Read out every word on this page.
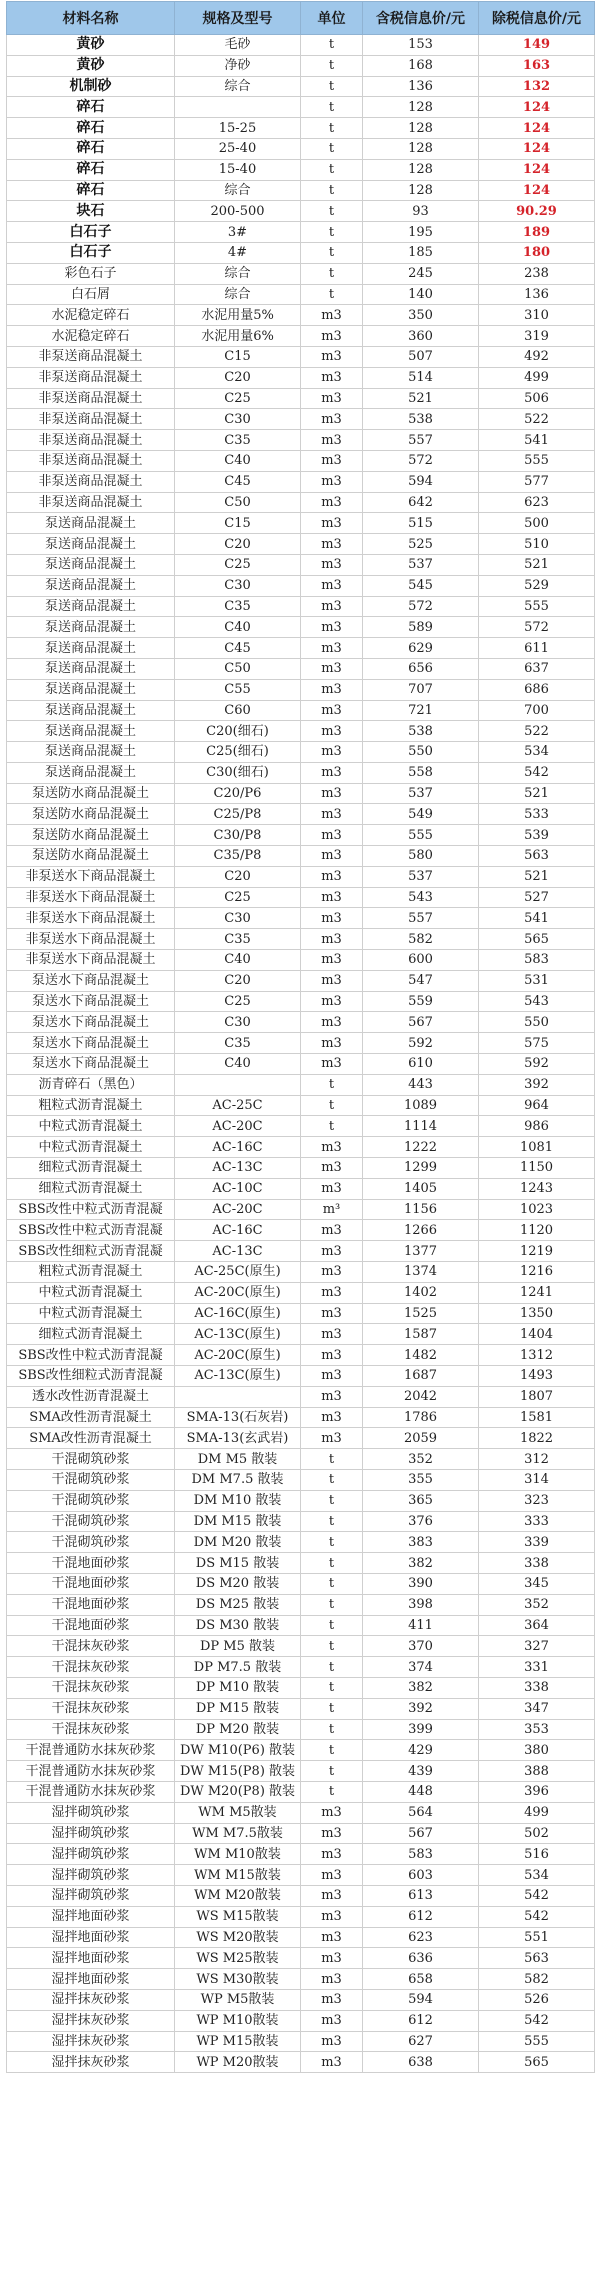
材料名称	规格及型号	单位	含税信息价/元	除税信息价/元
黄砂	毛砂	t	153	149
黄砂	净砂	t	168	163
机制砂	综合	t	136	132
碎石		t	128	124
碎石	15-25	t	128	124
碎石	25-40	t	128	124
碎石	15-40	t	128	124
碎石	综合	t	128	124
块石	200-500	t	93	90.29
白石子	3#	t	195	189
白石子	4#	t	185	180
彩色石子	综合	t	245	238
白石屑	综合	t	140	136
水泥稳定碎石	水泥用量5%	m3	350	310
水泥稳定碎石	水泥用量6%	m3	360	319
非泵送商品混凝土	C15	m3	507	492
非泵送商品混凝土	C20	m3	514	499
非泵送商品混凝土	C25	m3	521	506
非泵送商品混凝土	C30	m3	538	522
非泵送商品混凝土	C35	m3	557	541
非泵送商品混凝土	C40	m3	572	555
非泵送商品混凝土	C45	m3	594	577
非泵送商品混凝土	C50	m3	642	623
泵送商品混凝土	C15	m3	515	500
泵送商品混凝土	C20	m3	525	510
泵送商品混凝土	C25	m3	537	521
泵送商品混凝土	C30	m3	545	529
泵送商品混凝土	C35	m3	572	555
泵送商品混凝土	C40	m3	589	572
泵送商品混凝土	C45	m3	629	611
泵送商品混凝土	C50	m3	656	637
泵送商品混凝土	C55	m3	707	686
泵送商品混凝土	C60	m3	721	700
泵送商品混凝土	C20(细石)	m3	538	522
泵送商品混凝土	C25(细石)	m3	550	534
泵送商品混凝土	C30(细石)	m3	558	542
泵送防水商品混凝土	C20/P6	m3	537	521
泵送防水商品混凝土	C25/P8	m3	549	533
泵送防水商品混凝土	C30/P8	m3	555	539
泵送防水商品混凝土	C35/P8	m3	580	563
非泵送水下商品混凝土	C20	m3	537	521
非泵送水下商品混凝土	C25	m3	543	527
非泵送水下商品混凝土	C30	m3	557	541
非泵送水下商品混凝土	C35	m3	582	565
非泵送水下商品混凝土	C40	m3	600	583
泵送水下商品混凝土	C20	m3	547	531
泵送水下商品混凝土	C25	m3	559	543
泵送水下商品混凝土	C30	m3	567	550
泵送水下商品混凝土	C35	m3	592	575
泵送水下商品混凝土	C40	m3	610	592
沥青碎石（黑色）		t	443	392
粗粒式沥青混凝土	AC-25C	t	1089	964
中粒式沥青混凝土	AC-20C	t	1114	986
中粒式沥青混凝土	AC-16C	m3	1222	1081
细粒式沥青混凝土	AC-13C	m3	1299	1150
细粒式沥青混凝土	AC-10C	m3	1405	1243
SBS改性中粒式沥青混凝	AC-20C	m³	1156	1023
SBS改性中粒式沥青混凝	AC-16C	m3	1266	1120
SBS改性细粒式沥青混凝	AC-13C	m3	1377	1219
粗粒式沥青混凝土	AC-25C(原生)	m3	1374	1216
中粒式沥青混凝土	AC-20C(原生)	m3	1402	1241
中粒式沥青混凝土	AC-16C(原生)	m3	1525	1350
细粒式沥青混凝土	AC-13C(原生)	m3	1587	1404
SBS改性中粒式沥青混凝	AC-20C(原生)	m3	1482	1312
SBS改性细粒式沥青混凝	AC-13C(原生)	m3	1687	1493
透水改性沥青混凝土		m3	2042	1807
SMA改性沥青混凝土	SMA-13(石灰岩)	m3	1786	1581
SMA改性沥青混凝土	SMA-13(玄武岩)	m3	2059	1822
干混砌筑砂浆	DM M5 散装	t	352	312
干混砌筑砂浆	DM M7.5 散装	t	355	314
干混砌筑砂浆	DM M10 散装	t	365	323
干混砌筑砂浆	DM M15 散装	t	376	333
干混砌筑砂浆	DM M20 散装	t	383	339
干混地面砂浆	DS M15 散装	t	382	338
干混地面砂浆	DS M20 散装	t	390	345
干混地面砂浆	DS M25 散装	t	398	352
干混地面砂浆	DS M30 散装	t	411	364
干混抹灰砂浆	DP M5 散装	t	370	327
干混抹灰砂浆	DP M7.5 散装	t	374	331
干混抹灰砂浆	DP M10 散装	t	382	338
干混抹灰砂浆	DP M15 散装	t	392	347
干混抹灰砂浆	DP M20 散装	t	399	353
干混普通防水抹灰砂浆	DW M10(P6) 散装	t	429	380
干混普通防水抹灰砂浆	DW M15(P8) 散装	t	439	388
干混普通防水抹灰砂浆	DW M20(P8) 散装	t	448	396
湿拌砌筑砂浆	WM M5散装	m3	564	499
湿拌砌筑砂浆	WM M7.5散装	m3	567	502
湿拌砌筑砂浆	WM M10散装	m3	583	516
湿拌砌筑砂浆	WM M15散装	m3	603	534
湿拌砌筑砂浆	WM M20散装	m3	613	542
湿拌地面砂浆	WS M15散装	m3	612	542
湿拌地面砂浆	WS M20散装	m3	623	551
湿拌地面砂浆	WS M25散装	m3	636	563
湿拌地面砂浆	WS M30散装	m3	658	582
湿拌抹灰砂浆	WP M5散装	m3	594	526
湿拌抹灰砂浆	WP M10散装	m3	612	542
湿拌抹灰砂浆	WP M15散装	m3	627	555
湿拌抹灰砂浆	WP M20散装	m3	638	565
